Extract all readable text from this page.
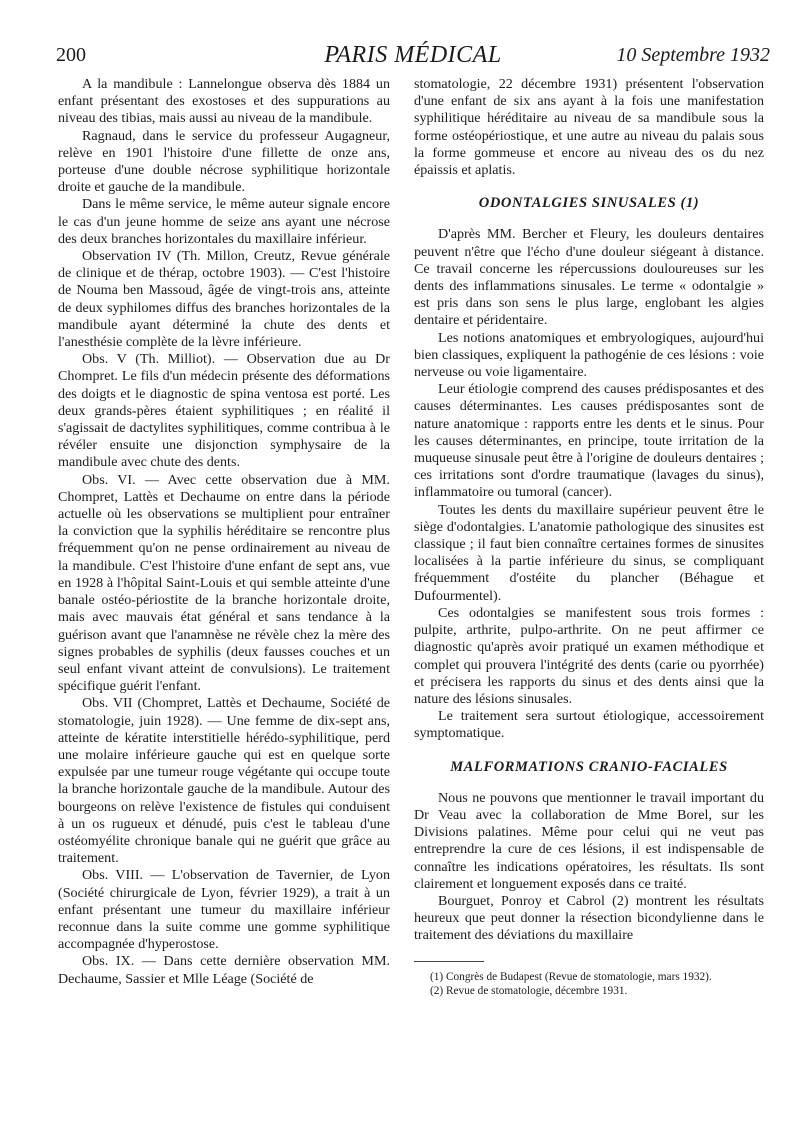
200	PARIS MÉDICAL	10 Septembre 1932

A la mandibule : Lannelongue observa dès 1884 un enfant présentant des exostoses et des suppurations au niveau des tibias, mais aussi au niveau de la mandibule.

Ragnaud, dans le service du professeur Augagneur, relève en 1901 l'histoire d'une fillette de onze ans, porteuse d'une double nécrose syphilitique horizontale droite et gauche de la mandibule.

Dans le même service, le même auteur signale encore le cas d'un jeune homme de seize ans ayant une nécrose des deux branches horizontales du maxillaire inférieur.

Observation IV (Th. Millon, Creutz, Revue générale de clinique et de thérap, octobre 1903). — C'est l'histoire de Nouma ben Massoud, âgée de vingt-trois ans, atteinte de deux syphilomes diffus des branches horizontales de la mandibule ayant déterminé la chute des dents et l'anesthésie complète de la lèvre inférieure.

Obs. V (Th. Milliot). — Observation due au Dr Chompret. Le fils d'un médecin présente des déformations des doigts et le diagnostic de spina ventosa est porté. Les deux grands-pères étaient syphilitiques ; en réalité il s'agissait de dactylites syphilitiques, comme contribua à le révéler ensuite une disjonction symphysaire de la mandibule avec chute des dents.

Obs. VI. — Avec cette observation due à MM. Chompret, Lattès et Dechaume on entre dans la période actuelle où les observations se multiplient pour entraîner la conviction que la syphilis héréditaire se rencontre plus fréquemment qu'on ne pense ordinairement au niveau de la mandibule. C'est l'histoire d'une enfant de sept ans, vue en 1928 à l'hôpital Saint-Louis et qui semble atteinte d'une banale ostéo-périostite de la branche horizontale droite, mais avec mauvais état général et sans tendance à la guérison avant que l'anamnèse ne révèle chez la mère des signes probables de syphilis (deux fausses couches et un seul enfant vivant atteint de convulsions). Le traitement spécifique guérit l'enfant.

Obs. VII (Chompret, Lattès et Dechaume, Société de stomatologie, juin 1928). — Une femme de dix-sept ans, atteinte de kératite interstitielle hérédo-syphilitique, perd une molaire inférieure gauche qui est en quelque sorte expulsée par une tumeur rouge végétante qui occupe toute la branche horizontale gauche de la mandibule. Autour des bourgeons on relève l'existence de fistules qui conduisent à un os rugueux et dénudé, puis c'est le tableau d'une ostéomyélite chronique banale qui ne guérit que grâce au traitement.

Obs. VIII. — L'observation de Tavernier, de Lyon (Société chirurgicale de Lyon, février 1929), a trait à un enfant présentant une tumeur du maxillaire inférieur reconnue dans la suite comme une gomme syphilitique accompagnée d'hyperostose.

Obs. IX. — Dans cette dernière observation MM. Dechaume, Sassier et Mlle Léage (Société de

stomatologie, 22 décembre 1931) présentent l'observation d'une enfant de six ans ayant à la fois une manifestation syphilitique héréditaire au niveau de sa mandibule sous la forme ostéopériostique, et une autre au niveau du palais sous la forme gommeuse et encore au niveau des os du nez épaissis et aplatis.

ODONTALGIES SINUSALES (1)

D'après MM. Bercher et Fleury, les douleurs dentaires peuvent n'être que l'écho d'une douleur siégeant à distance. Ce travail concerne les répercussions douloureuses sur les dents des inflammations sinusales. Le terme « odontalgie » est pris dans son sens le plus large, englobant les algies dentaire et péridentaire.

Les notions anatomiques et embryologiques, aujourd'hui bien classiques, expliquent la pathogénie de ces lésions : voie nerveuse ou voie ligamentaire.

Leur étiologie comprend des causes prédisposantes et des causes déterminantes. Les causes prédisposantes sont de nature anatomique : rapports entre les dents et le sinus. Pour les causes déterminantes, en principe, toute irritation de la muqueuse sinusale peut être à l'origine de douleurs dentaires ; ces irritations sont d'ordre traumatique (lavages du sinus), inflammatoire ou tumoral (cancer).

Toutes les dents du maxillaire supérieur peuvent être le siège d'odontalgies. L'anatomie pathologique des sinusites est classique ; il faut bien connaître certaines formes de sinusites localisées à la partie inférieure du sinus, se compliquant fréquemment d'ostéite du plancher (Béhague et Dufourmentel).

Ces odontalgies se manifestent sous trois formes : pulpite, arthrite, pulpo-arthrite. On ne peut affirmer ce diagnostic qu'après avoir pratiqué un examen méthodique et complet qui prouvera l'intégrité des dents (carie ou pyorrhée) et précisera les rapports du sinus et des dents ainsi que la nature des lésions sinusales.

Le traitement sera surtout étiologique, accessoirement symptomatique.

MALFORMATIONS CRANIO-FACIALES

Nous ne pouvons que mentionner le travail important du Dr Veau avec la collaboration de Mme Borel, sur les Divisions palatines. Même pour celui qui ne veut pas entreprendre la cure de ces lésions, il est indispensable de connaître les indications opératoires, les résultats. Ils sont clairement et longuement exposés dans ce traité.

Bourguet, Ponroy et Cabrol (2) montrent les résultats heureux que peut donner la résection bicondylienne dans le traitement des déviations du maxillaire

(1) Congrès de Budapest (Revue de stomatologie, mars 1932).

(2) Revue de stomatologie, décembre 1931.
